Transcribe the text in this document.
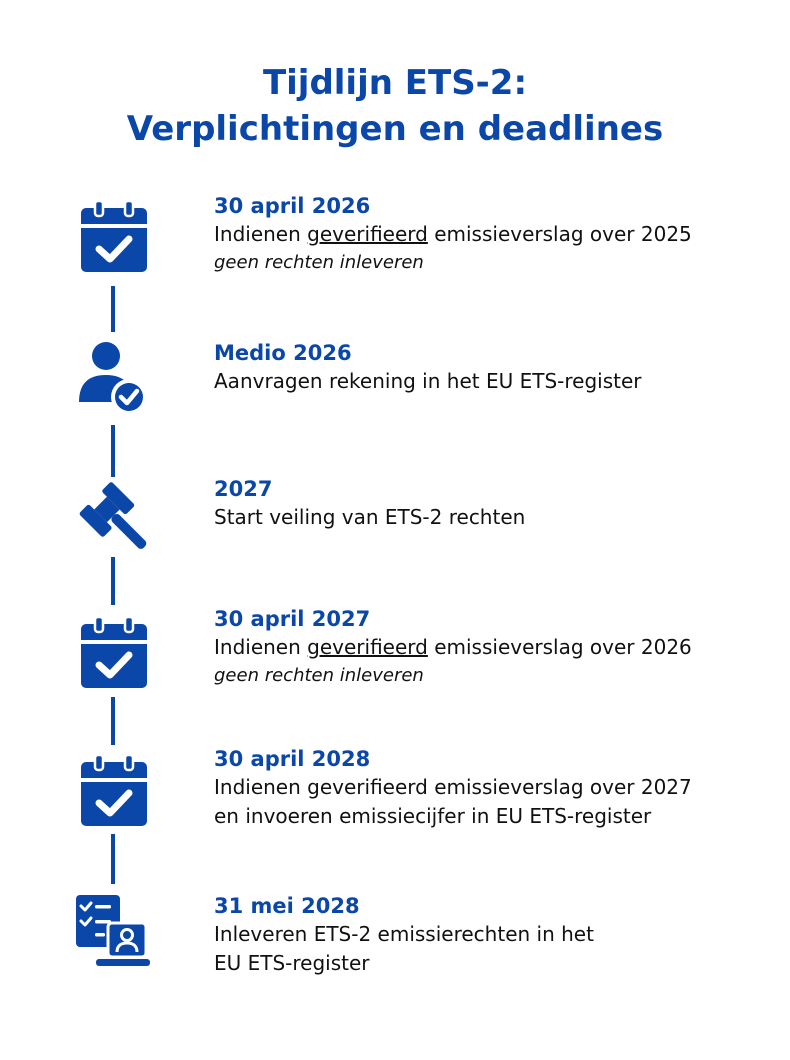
Tijdlijn ETS-2:
Verplichtingen en deadlines
30 april 2026
Indienen geverifieerd emissieverslag over 2025
geen rechten inleveren
Medio 2026
Aanvragen rekening in het EU ETS-register
2027
Start veiling van ETS-2 rechten
30 april 2027
Indienen geverifieerd emissieverslag over 2026
geen rechten inleveren
30 april 2028
Indienen geverifieerd emissieverslag over 2027
en invoeren emissiecijfer in EU ETS-register
31 mei 2028
Inleveren ETS-2 emissierechten in het
EU ETS-register
